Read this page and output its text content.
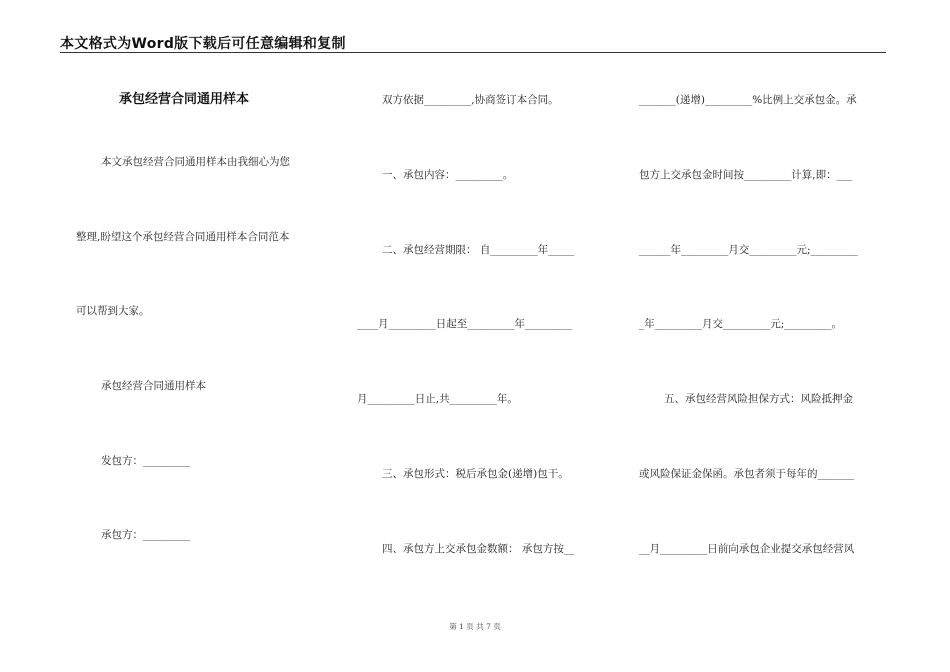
本文格式为Word版下载后可任意编辑和复制
承包经营合同通用样本
本文承包经营合同通用样本由我细心为您
整理,盼望这个承包经营合同通用样本合同范本
可以帮到大家。
承包经营合同通用样本
发包方：_________
承包方：_________
双方依据_________,协商签订本合同。
一、承包内容：_________。
二、承包经营期限： 自_________年_____
____月_________日起至_________年_________
月_________日止,共_________年。
三、承包形式：税后承包金(递增)包干。
四、承包方上交承包金数额： 承包方按__
_______(递增)_________%比例上交承包金。承
包方上交承包金时间按_________计算,即：___
______年_________月交_________元;_________
_年_________月交_________元;_________。
五、承包经营风险担保方式：风险抵押金
或风险保证金保函。承包者须于每年的_______
__月_________日前向承包企业提交承包经营风
第 1 页 共 7 页
